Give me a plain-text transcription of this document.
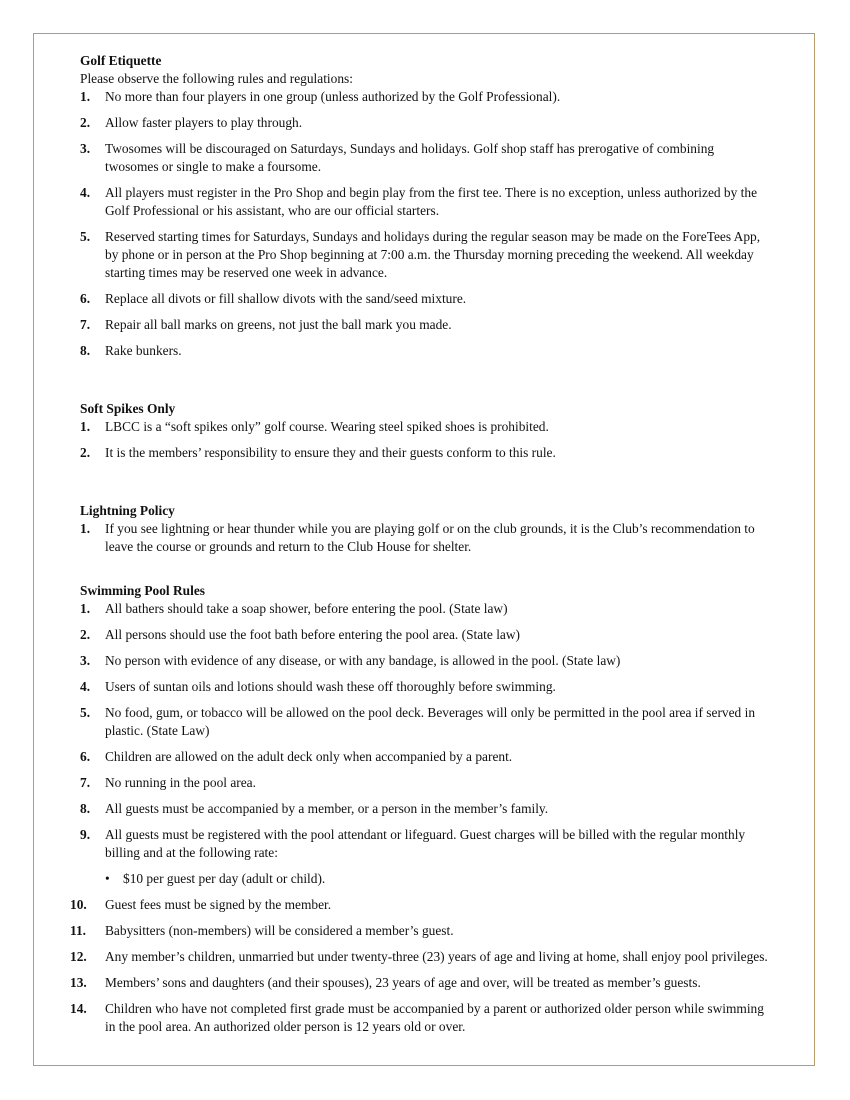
Golf Etiquette
Please observe the following rules and regulations:
1.	No more than four players in one group (unless authorized by the Golf Professional).
2.	Allow faster players to play through.
3.	Twosomes will be discouraged on Saturdays, Sundays and holidays. Golf shop staff has prerogative of combining twosomes or single to make a foursome.
4.	All players must register in the Pro Shop and begin play from the first tee. There is no exception, unless authorized by the Golf Professional or his assistant, who are our official starters.
5.	Reserved starting times for Saturdays, Sundays and holidays during the regular season may be made on the ForeTees App, by phone or in person at the Pro Shop beginning at 7:00 a.m. the Thursday morning preceding the weekend. All weekday starting times may be reserved one week in advance.
6.	Replace all divots or fill shallow divots with the sand/seed mixture.
7.	Repair all ball marks on greens, not just the ball mark you made.
8.	Rake bunkers.
Soft Spikes Only
1.	LBCC is a “soft spikes only” golf course. Wearing steel spiked shoes is prohibited.
2.	It is the members’ responsibility to ensure they and their guests conform to this rule.
Lightning Policy
1.	If you see lightning or hear thunder while you are playing golf or on the club grounds, it is the Club’s recommendation to leave the course or grounds and return to the Club House for shelter.
Swimming Pool Rules
1.	All bathers should take a soap shower, before entering the pool. (State law)
2.	All persons should use the foot bath before entering the pool area. (State law)
3.	No person with evidence of any disease, or with any bandage, is allowed in the pool. (State law)
4.	Users of suntan oils and lotions should wash these off thoroughly before swimming.
5.	No food, gum, or tobacco will be allowed on the pool deck. Beverages will only be permitted in the pool area if served in plastic. (State Law)
6.	Children are allowed on the adult deck only when accompanied by a parent.
7.	No running in the pool area.
8.	All guests must be accompanied by a member, or a person in the member’s family.
9.	All guests must be registered with the pool attendant or lifeguard. Guest charges will be billed with the regular monthly billing and at the following rate:
• $10 per guest per day (adult or child).
10.	Guest fees must be signed by the member.
11.	Babysitters (non-members) will be considered a member’s guest.
12.	Any member’s children, unmarried but under twenty-three (23) years of age and living at home, shall enjoy pool privileges.
13.	Members’ sons and daughters (and their spouses), 23 years of age and over, will be treated as member’s guests.
14.	Children who have not completed first grade must be accompanied by a parent or authorized older person while swimming in the pool area. An authorized older person is 12 years old or over.
